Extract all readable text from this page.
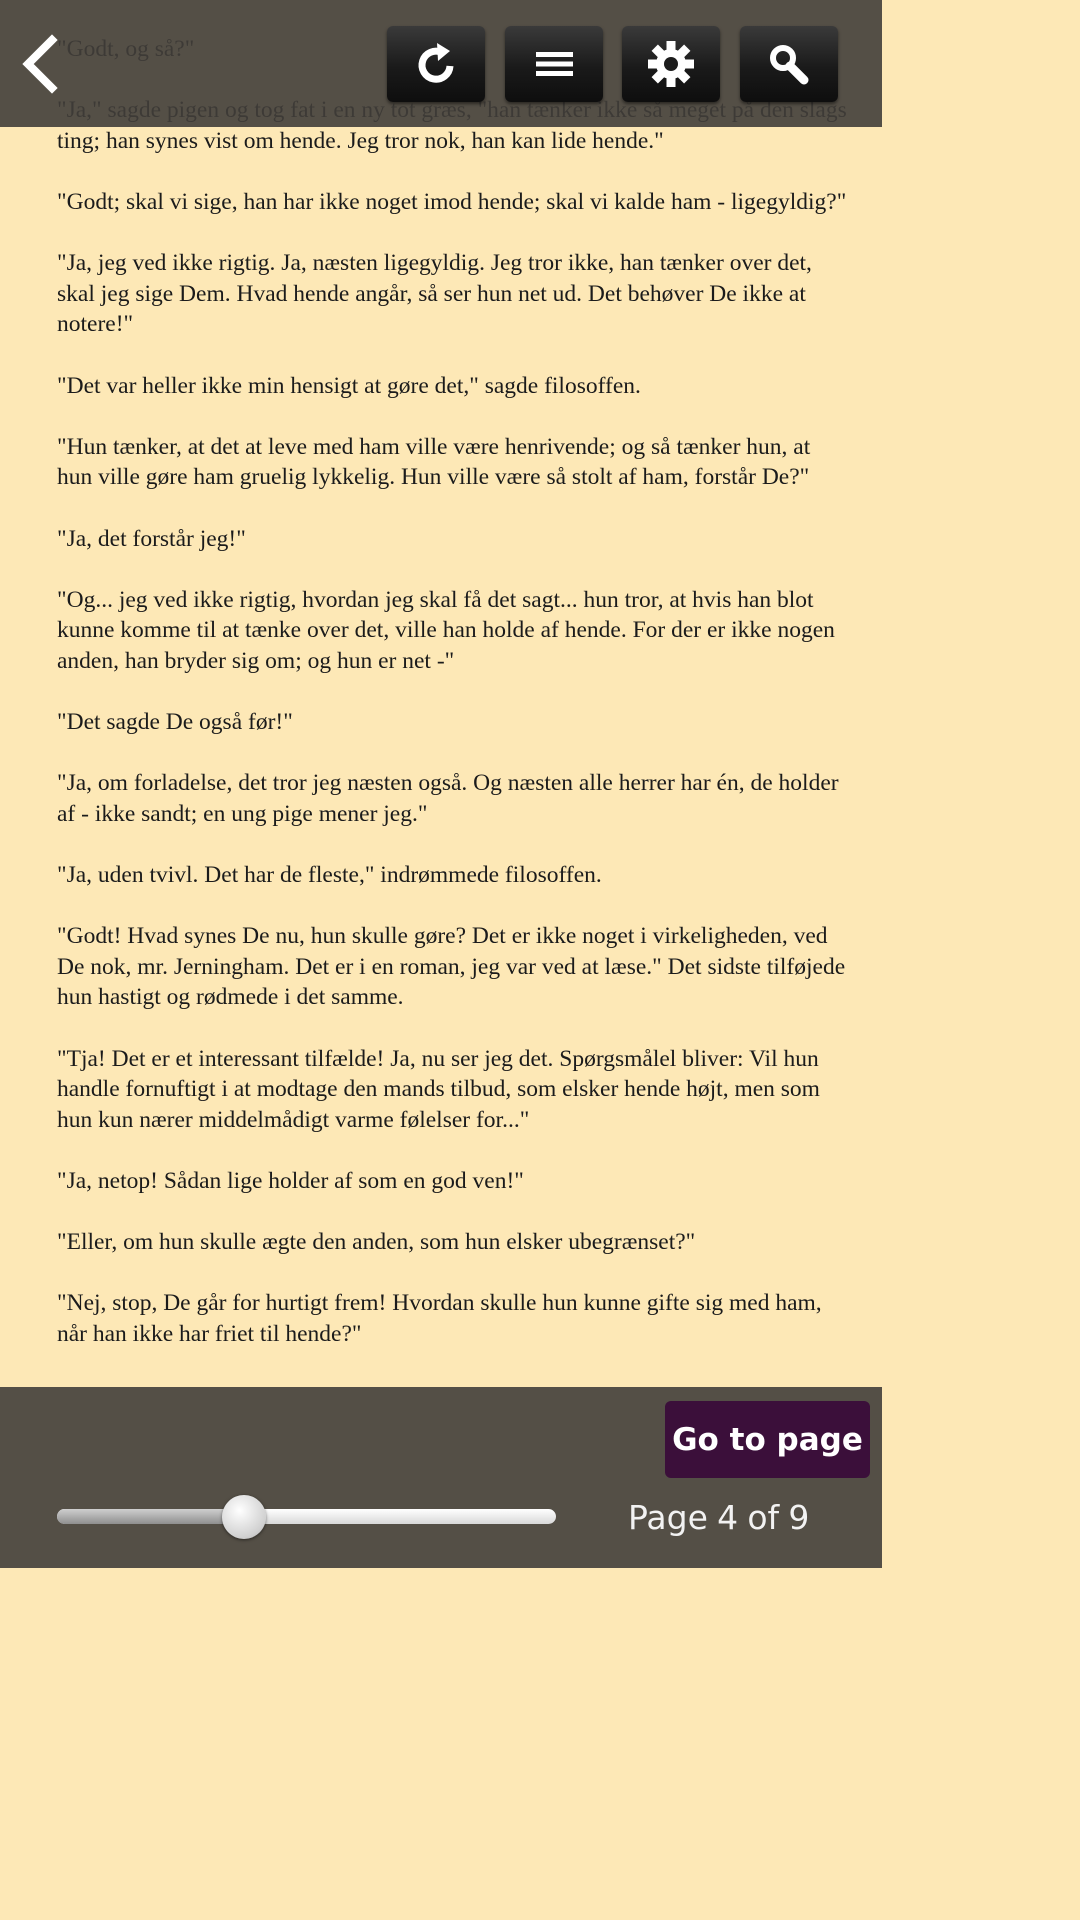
ting; han synes vist om hende. Jeg tror nok, han kan lide hende."

"Godt; skal vi sige, han har ikke noget imod hende; skal vi kalde ham - ligegyldig?"

"Ja, jeg ved ikke rigtig. Ja, næsten ligegyldig. Jeg tror ikke, han tænker over det, skal jeg sige Dem. Hvad hende angår, så ser hun net ud. Det behøver De ikke at notere!"

"Det var heller ikke min hensigt at gøre det," sagde filosoffen.

"Hun tænker, at det at leve med ham ville være henrivende; og så tænker hun, at hun ville gøre ham gruelig lykkelig. Hun ville være så stolt af ham, forstår De?"

"Ja, det forstår jeg!"

"Og... jeg ved ikke rigtig, hvordan jeg skal få det sagt... hun tror, at hvis han blot kunne komme til at tænke over det, ville han holde af hende. For der er ikke nogen anden, han bryder sig om; og hun er net -"

"Det sagde De også før!"

"Ja, om forladelse, det tror jeg næsten også. Og næsten alle herrer har én, de holder af - ikke sandt; en ung pige mener jeg."

"Ja, uden tvivl. Det har de fleste," indrømmede filosoffen.

"Godt! Hvad synes De nu, hun skulle gøre? Det er ikke noget i virkeligheden, ved De nok, mr. Jerningham. Det er i en roman, jeg var ved at læse." Det sidste tilføjede hun hastigt og rødmede i det samme.

"Tja! Det er et interessant tilfælde! Ja, nu ser jeg det. Spørgsmålel bliver: Vil hun handle fornuftigt i at modtage den mands tilbud, som elsker hende højt, men som hun kun nærer middelmådigt varme følelser for..."

"Ja, netop! Sådan lige holder af som en god ven!"

"Eller, om hun skulle ægte den anden, som hun elsker ubegrænset?"

"Nej, stop, De går for hurtigt frem! Hvordan skulle hun kunne gifte sig med ham, når han ikke har friet til hende?"

Go to page
Page 4 of 9
